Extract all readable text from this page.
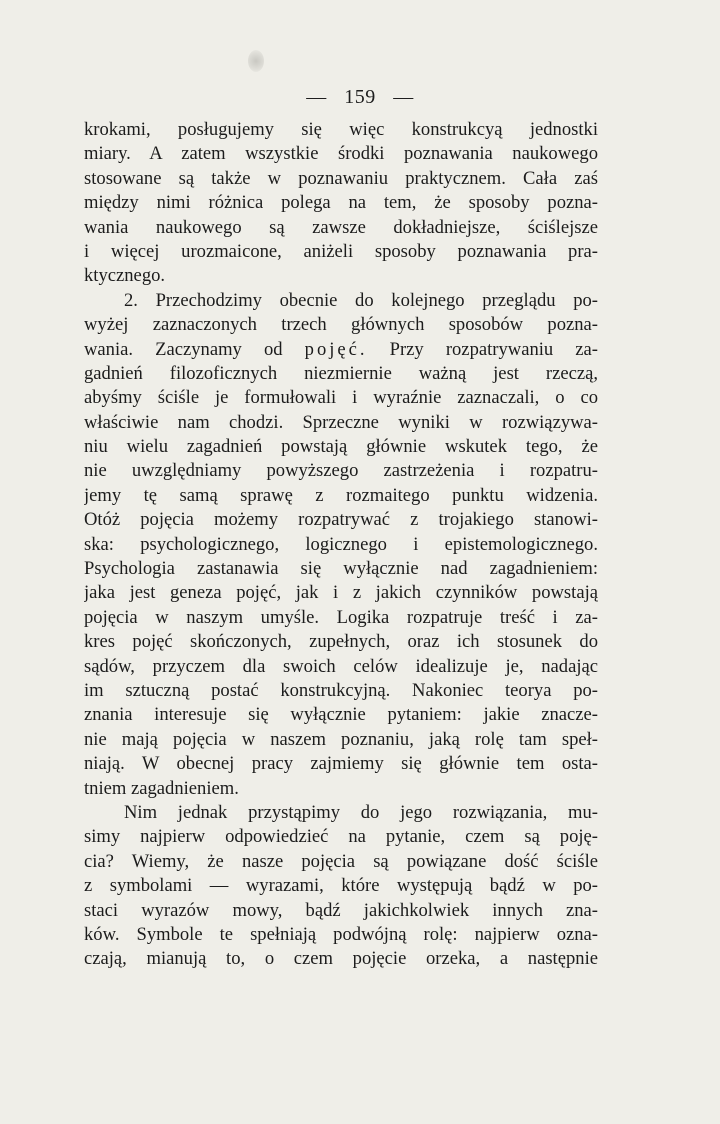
— 159 —
krokami, posługujemy się więc konstrukcyą jednostki
miary. A zatem wszystkie środki poznawania naukowego
stosowane są także w poznawaniu praktycznem. Cała zaś
między nimi różnica polega na tem, że sposoby pozna-
wania naukowego są zawsze dokładniejsze, ściślejsze
i więcej urozmaicone, aniżeli sposoby poznawania pra-
ktycznego.
2. Przechodzimy obecnie do kolejnego przeglądu po-
wyżej zaznaczonych trzech głównych sposobów pozna-
wania. Zaczynamy od pojęć. Przy rozpatrywaniu za-
gadnień filozoficznych niezmiernie ważną jest rzeczą,
abyśmy ściśle je formułowali i wyraźnie zaznaczali, o co
właściwie nam chodzi. Sprzeczne wyniki w rozwiązywa-
niu wielu zagadnień powstają głównie wskutek tego, że
nie uwzględniamy powyższego zastrzeżenia i rozpatru-
jemy tę samą sprawę z rozmaitego punktu widzenia.
Otóż pojęcia możemy rozpatrywać z trojakiego stanowi-
ska: psychologicznego, logicznego i epistemologicznego.
Psychologia zastanawia się wyłącznie nad zagadnieniem:
jaka jest geneza pojęć, jak i z jakich czynników powstają
pojęcia w naszym umyśle. Logika rozpatruje treść i za-
kres pojęć skończonych, zupełnych, oraz ich stosunek do
sądów, przyczem dla swoich celów idealizuje je, nadając
im sztuczną postać konstrukcyjną. Nakoniec teorya po-
znania interesuje się wyłącznie pytaniem: jakie znacze-
nie mają pojęcia w naszem poznaniu, jaką rolę tam speł-
niają. W obecnej pracy zajmiemy się głównie tem osta-
tniem zagadnieniem.
Nim jednak przystąpimy do jego rozwiązania, mu-
simy najpierw odpowiedzieć na pytanie, czem są poję-
cia? Wiemy, że nasze pojęcia są powiązane dość ściśle
z symbolami — wyrazami, które występują bądź w po-
staci wyrazów mowy, bądź jakichkolwiek innych zna-
ków. Symbole te spełniają podwójną rolę: najpierw ozna-
czają, mianują to, o czem pojęcie orzeka, a następnie
